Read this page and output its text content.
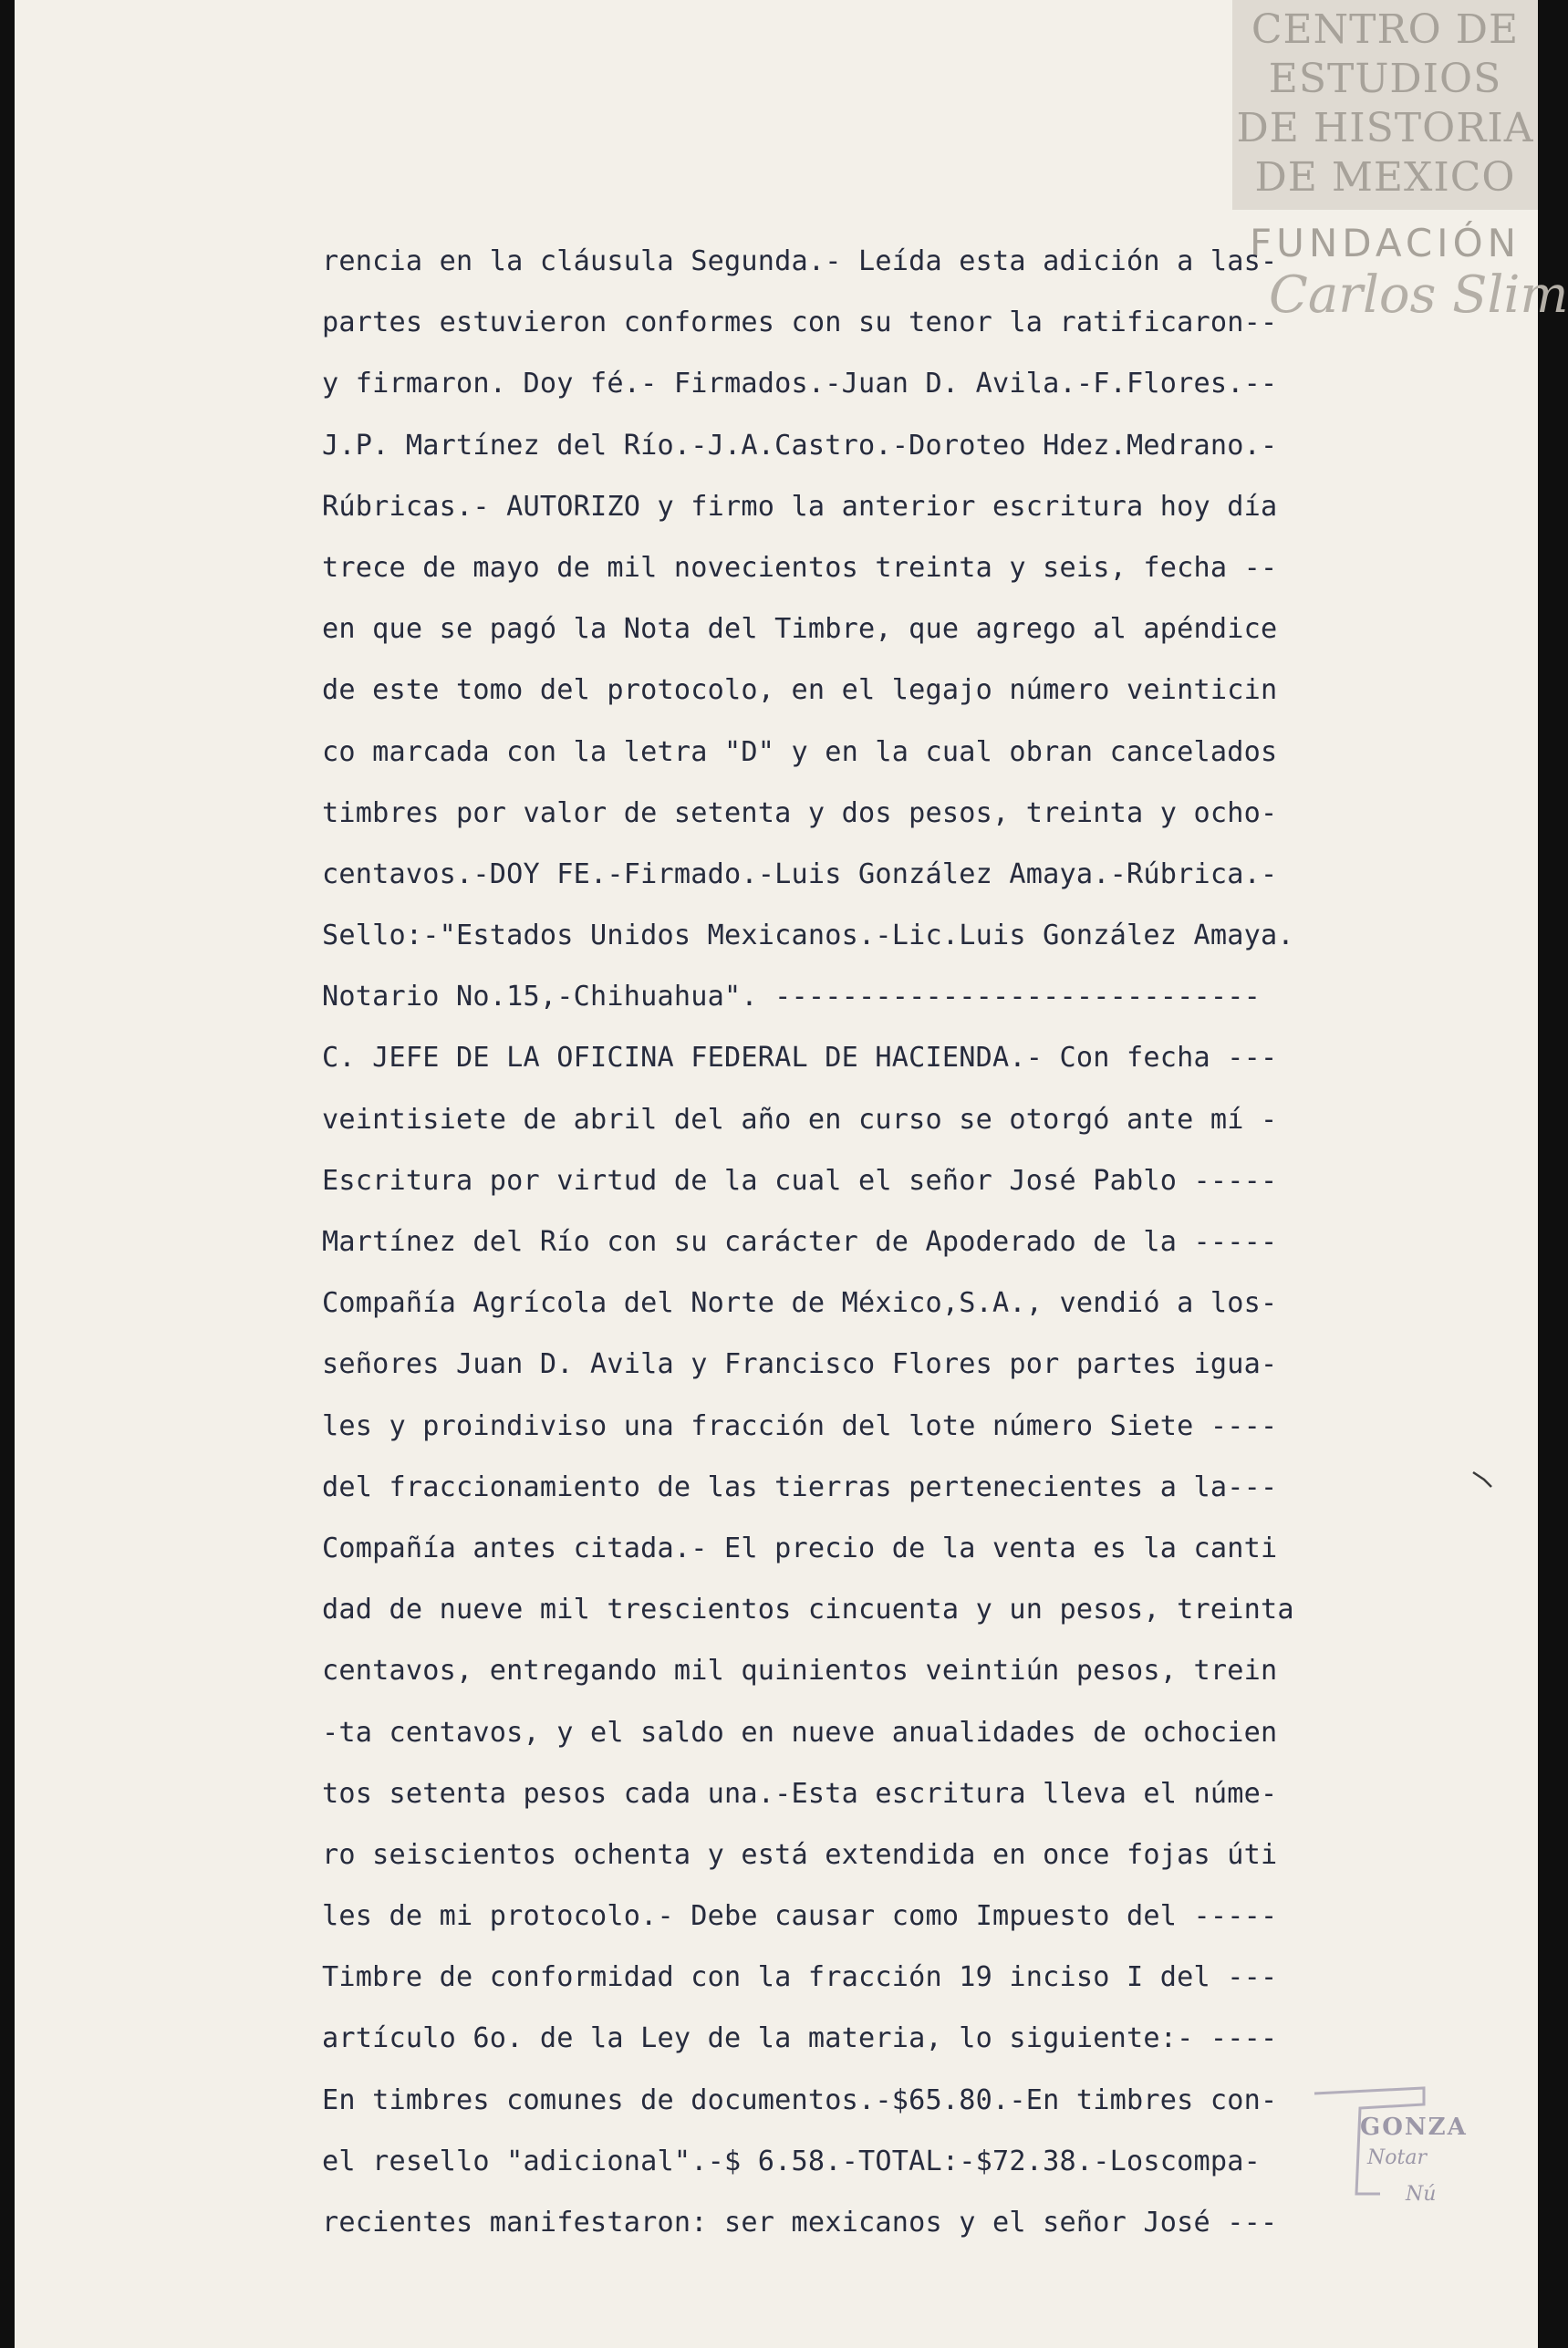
CENTRO DE
ESTUDIOS
DE HISTORIA
DE MEXICO
FUNDACIÓN
Carlos Slim
rencia en la cláusula Segunda.- Leída esta adición a las-
partes estuvieron conformes con su tenor la ratificaron--
y firmaron. Doy fé.- Firmados.-Juan D. Avila.-F.Flores.--
J.P. Martínez del Río.-J.A.Castro.-Doroteo Hdez.Medrano.-
Rúbricas.- AUTORIZO y firmo la anterior escritura hoy día
trece de mayo de mil novecientos treinta y seis, fecha --
en que se pagó la Nota del Timbre, que agrego al apéndice
de este tomo del protocolo, en el legajo número veinticin
co marcada con la letra "D" y en la cual obran cancelados
timbres por valor de setenta y dos pesos, treinta y ocho-
centavos.-DOY FE.-Firmado.-Luis González Amaya.-Rúbrica.-
Sello:-"Estados Unidos Mexicanos.-Lic.Luis González Amaya.
Notario No.15,-Chihuahua". -----------------------------
C. JEFE DE LA OFICINA FEDERAL DE HACIENDA.- Con fecha ---
veintisiete de abril del año en curso se otorgó ante mí -
Escritura por virtud de la cual el señor José Pablo -----
Martínez del Río con su carácter de Apoderado de la -----
Compañía Agrícola del Norte de México,S.A., vendió a los-
señores Juan D. Avila y Francisco Flores por partes igua-
les y proindiviso una fracción del lote número Siete ----
del fraccionamiento de las tierras pertenecientes a la---
Compañía antes citada.- El precio de la venta es la canti
dad de nueve mil trescientos cincuenta y un pesos, treinta
centavos, entregando mil quinientos veintiún pesos, trein
-ta centavos, y el saldo en nueve anualidades de ochocien
tos setenta pesos cada una.-Esta escritura lleva el núme-
ro seiscientos ochenta y está extendida en once fojas úti
les de mi protocolo.- Debe causar como Impuesto del -----
Timbre de conformidad con la fracción 19 inciso I del ---
artículo 6o. de la Ley de la materia, lo siguiente:- ----
En timbres comunes de documentos.-$65.80.-En timbres con-
el resello "adicional".-$ 6.58.-TOTAL:-$72.38.-Loscompa-
recientes manifestaron: ser mexicanos y el señor José ---
GONZA
Notar
Nú
